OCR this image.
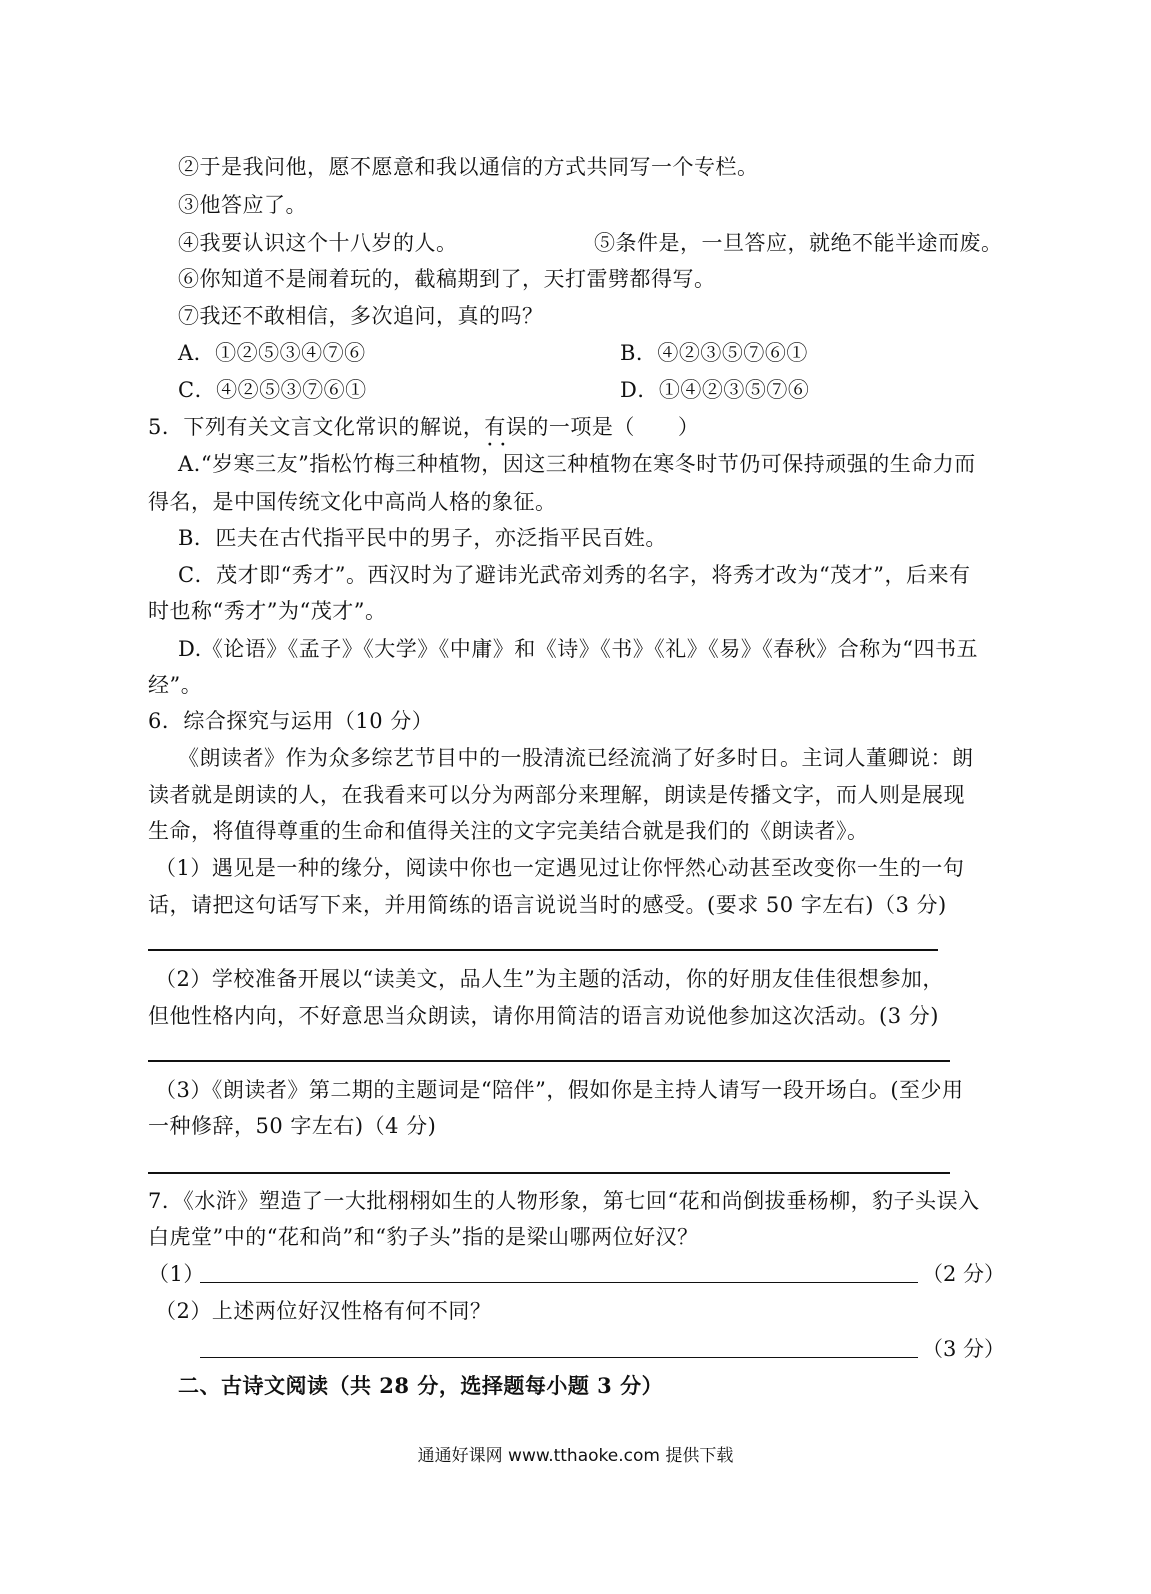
②于是我问他，愿不愿意和我以通信的方式共同写一个专栏。
③他答应了。
④我要认识这个十八岁的人。	⑤条件是，一旦答应，就绝不能半途而废。
⑥你知道不是闹着玩的，截稿期到了，天打雷劈都得写。
⑦我还不敢相信，多次追问，真的吗？
A．①②⑤③④⑦⑥	B．④②③⑤⑦⑥①
C．④②⑤③⑦⑥①	D．①④②③⑤⑦⑥
5．下列有关文言文化常识的解说，有误 ··的一项是（　　）
A.“岁寒三友”指松竹梅三种植物，因这三种植物在寒冬时节仍可保持顽强的生命力而
得名，是中国传统文化中高尚人格的象征。
B．匹夫在古代指平民中的男子，亦泛指平民百姓。
C．茂才即“秀才”。西汉时为了避讳光武帝刘秀的名字，将秀才改为“茂才”，后来有
时也称“秀才”为“茂才”。
D.《论语》《孟子》《大学》《中庸》和《诗》《书》《礼》《易》《春秋》合称为“四书五
经”。
6．综合探究与运用（10 分）
《朗读者》作为众多综艺节目中的一股清流已经流淌了好多时日。主词人董卿说：朗
读者就是朗读的人，在我看来可以分为两部分来理解，朗读是传播文字，而人则是展现
生命，将值得尊重的生命和值得关注的文字完美结合就是我们的《朗读者》。
（1）遇见是一种的缘分，阅读中你也一定遇见过让你怦然心动甚至改变你一生的一句
话，请把这句话写下来，并用简练的语言说说当时的感受。(要求 50 字左右)（3 分)
（2）学校准备开展以“读美文，品人生”为主题的活动，你的好朋友佳佳很想参加，
但他性格内向，不好意思当众朗读，请你用简洁的语言劝说他参加这次活动。(3 分)
（3）《朗读者》第二期的主题词是“陪伴”，假如你是主持人请写一段开场白。(至少用
一种修辞，50 字左右)（4 分)
7．《水浒》塑造了一大批栩栩如生的人物形象，第七回“花和尚倒拔垂杨柳，豹子头误入
白虎堂”中的“花和尚”和“豹子头”指的是梁山哪两位好汉？
（1）	（2 分）
（2）上述两位好汉性格有何不同？
（3 分）
二、古诗文阅读（共 28 分，选择题每小题 3 分）
通通好课网 www.tthaoke.com 提供下载
